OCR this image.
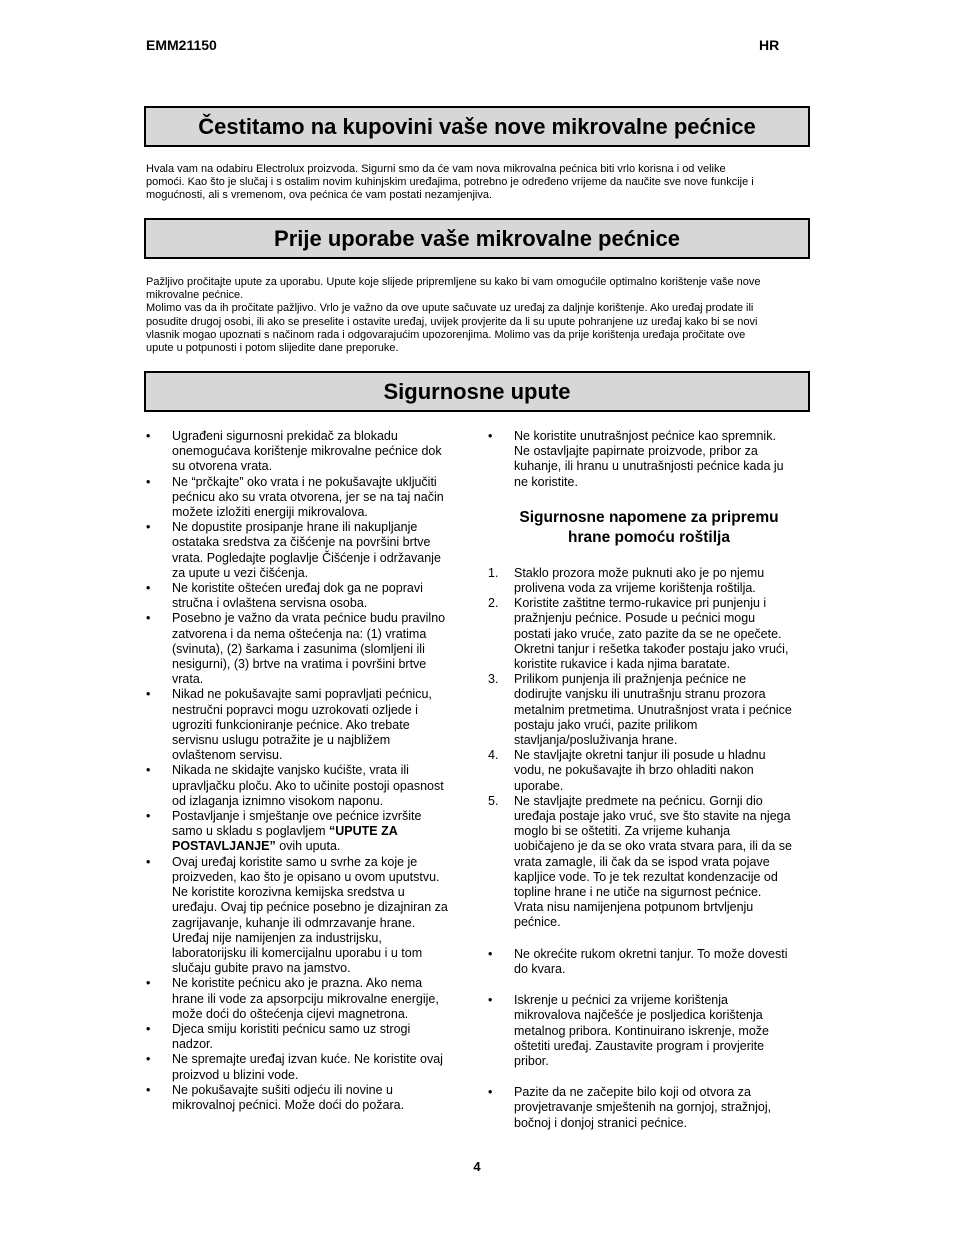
EMM21150	HR
Čestitamo na kupovini vaše nove mikrovalne pećnice
Hvala vam na odabiru Electrolux proizvoda. Sigurni smo da će vam nova mikrovalna pećnica biti vrlo korisna i od velike
pomoći. Kao što je slučaj i s ostalim novim kuhinjskim uređajima, potrebno je određeno vrijeme da naučite sve nove funkcije i
mogućnosti, ali s vremenom, ova pećnica će vam postati nezamjenjiva.
Prije uporabe vaše mikrovalne pećnice
Pažljivo pročitajte upute za uporabu. Upute koje slijede pripremljene su kako bi vam omogućile optimalno korištenje vaše nove
mikrovalne pećnice.
Molimo vas da ih pročitate pažljivo. Vrlo je važno da ove upute sačuvate uz uređaj za daljnje korištenje. Ako uređaj prodate ili
posudite drugoj osobi, ili ako se preselite i ostavite uređaj, uvijek provjerite da li su upute pohranjene uz uređaj kako bi se novi
vlasnik mogao upoznati s načinom rada i odgovarajućim upozorenjima. Molimo vas da prije korištenja uređaja pročitate ove
upute u potpunosti i potom slijedite dane preporuke.
Sigurnosne upute
• Ugrađeni sigurnosni prekidač za blokadu
onemogućava korištenje mikrovalne pećnice dok
su otvorena vrata.
• Ne “prčkajte” oko vrata i ne pokušavajte uključiti
pećnicu ako su vrata otvorena, jer se na taj način
možete izložiti energiji mikrovalova.
• Ne dopustite prosipanje hrane ili nakupljanje
ostataka sredstva za čišćenje na površini brtve
vrata. Pogledajte poglavlje Čišćenje i održavanje
za upute u vezi čišćenja.
• Ne koristite oštećen uređaj dok ga ne popravi
stručna i ovlaštena servisna osoba.
• Posebno je važno da vrata pećnice budu pravilno
zatvorena i da nema oštećenja na: (1) vratima
(svinuta), (2) šarkama i zasunima (slomljeni ili
nesigurni), (3) brtve na vratima i površini brtve
vrata.
• Nikad ne pokušavajte sami popravljati pećnicu,
nestručni popravci mogu uzrokovati ozljede i
ugroziti funkcioniranje pećnice. Ako trebate
servisnu uslugu potražite je u najbližem
ovlaštenom servisu.
• Nikada ne skidajte vanjsko kućište, vrata ili
upravljačku ploču. Ako to učinite postoji opasnost
od izlaganja iznimno visokom naponu.
• Postavljanje i smještanje ove pećnice izvršite
samo u skladu s poglavljem “UPUTE ZA
POSTAVLJANJE” ovih uputa.
• Ovaj uređaj koristite samo u svrhe za koje je
proizveden, kao što je opisano u ovom uputstvu.
Ne koristite korozivna kemijska sredstva u
uređaju. Ovaj tip pećnice posebno je dizajniran za
zagrijavanje, kuhanje ili odmrzavanje hrane.
Uređaj nije namijenjen za industrijsku,
laboratorijsku ili komercijalnu uporabu i u tom
slučaju gubite pravo na jamstvo.
• Ne koristite pećnicu ako je prazna. Ako nema
hrane ili vode za apsorpciju mikrovalne energije,
može doći do oštećenja cijevi magnetrona.
• Djeca smiju koristiti pećnicu samo uz strogi
nadzor.
• Ne spremajte uređaj izvan kuće. Ne koristite ovaj
proizvod u blizini vode.
• Ne pokušavajte sušiti odjeću ili novine u
mikrovalnoj pećnici. Može doći do požara.
• Ne koristite unutrašnjost pećnice kao spremnik.
Ne ostavljajte papirnate proizvode, pribor za
kuhanje, ili hranu u unutrašnjosti pećnice kada ju
ne koristite.
Sigurnosne napomene za pripremu
hrane pomoću roštilja
1. Staklo prozora može puknuti ako je po njemu
prolivena voda za vrijeme korištenja roštilja.
2. Koristite zaštitne termo-rukavice pri punjenju i
pražnjenju pećnice. Posude u pećnici mogu
postati jako vruće, zato pazite da se ne opečete.
Okretni tanjur i rešetka također postaju jako vrući,
koristite rukavice i kada njima baratate.
3. Prilikom punjenja ili pražnjenja pećnice ne
dodirujte vanjsku ili unutrašnju stranu prozora
metalnim pretmetima. Unutrašnjost vrata i pećnice
postaju jako vrući, pazite prilikom
stavljanja/posluživanja hrane.
4. Ne stavljajte okretni tanjur ili posude u hladnu
vodu, ne pokušavajte ih brzo ohladiti nakon
uporabe.
5. Ne stavljajte predmete na pećnicu. Gornji dio
uređaja postaje jako vruć, sve što stavite na njega
moglo bi se oštetiti. Za vrijeme kuhanja
uobičajeno je da se oko vrata stvara para, ili da se
vrata zamagle, ili čak da se ispod vrata pojave
kapljice vode. To je tek rezultat kondenzacije od
topline hrane i ne utiče na sigurnost pećnice.
Vrata nisu namijenjena potpunom brtvljenju
pećnice.
• Ne okrećite rukom okretni tanjur. To može dovesti
do kvara.
• Iskrenje u pećnici za vrijeme korištenja
mikrovalova najčešće je posljedica korištenja
metalnog pribora. Kontinuirano iskrenje, može
oštetiti uređaj. Zaustavite program i provjerite
pribor.
• Pazite da ne začepite bilo koji od otvora za
provjetravanje smještenih na gornjoj, stražnjoj,
bočnoj i donjoj stranici pećnice.
4
